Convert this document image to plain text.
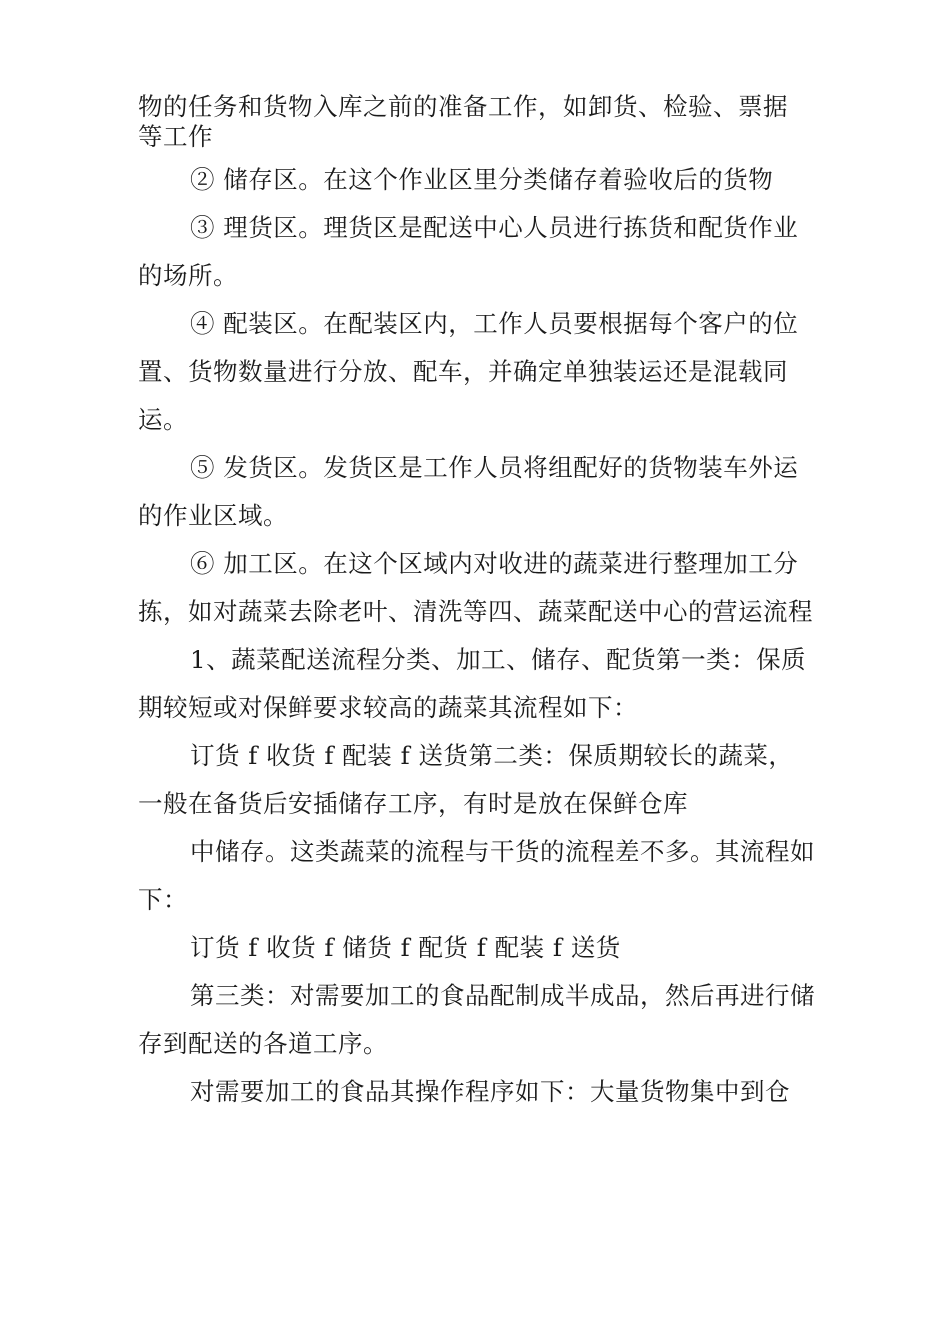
物的任务和货物入库之前的准备工作，如卸货、检验、票据

等工作

② 储存区。在这个作业区里分类储存着验收后的货物

③ 理货区。理货区是配送中心人员进行拣货和配货作业的场所。

④ 配装区。在配装区内，工作人员要根据每个客户的位置、货物数量进行分放、配车，并确定单独装运还是混载同运。

⑤ 发货区。发货区是工作人员将组配好的货物装车外运的作业区域。

⑥ 加工区。在这个区域内对收进的蔬菜进行整理加工分拣，如对蔬菜去除老叶、清洗等四、蔬菜配送中心的营运流程

1、蔬菜配送流程分类、加工、储存、配货第一类：保质期较短或对保鲜要求较高的蔬菜其流程如下：

订货 f 收货 f 配装 f 送货第二类：保质期较长的蔬菜，

一般在备货后安插储存工序，有时是放在保鲜仓库

中储存。这类蔬菜的流程与干货的流程差不多。其流程如下：

订货 f 收货 f 储货 f 配货 f 配装 f 送货

第三类：对需要加工的食品配制成半成品，然后再进行储存到配送的各道工序。

对需要加工的食品其操作程序如下：大量货物集中到仓
